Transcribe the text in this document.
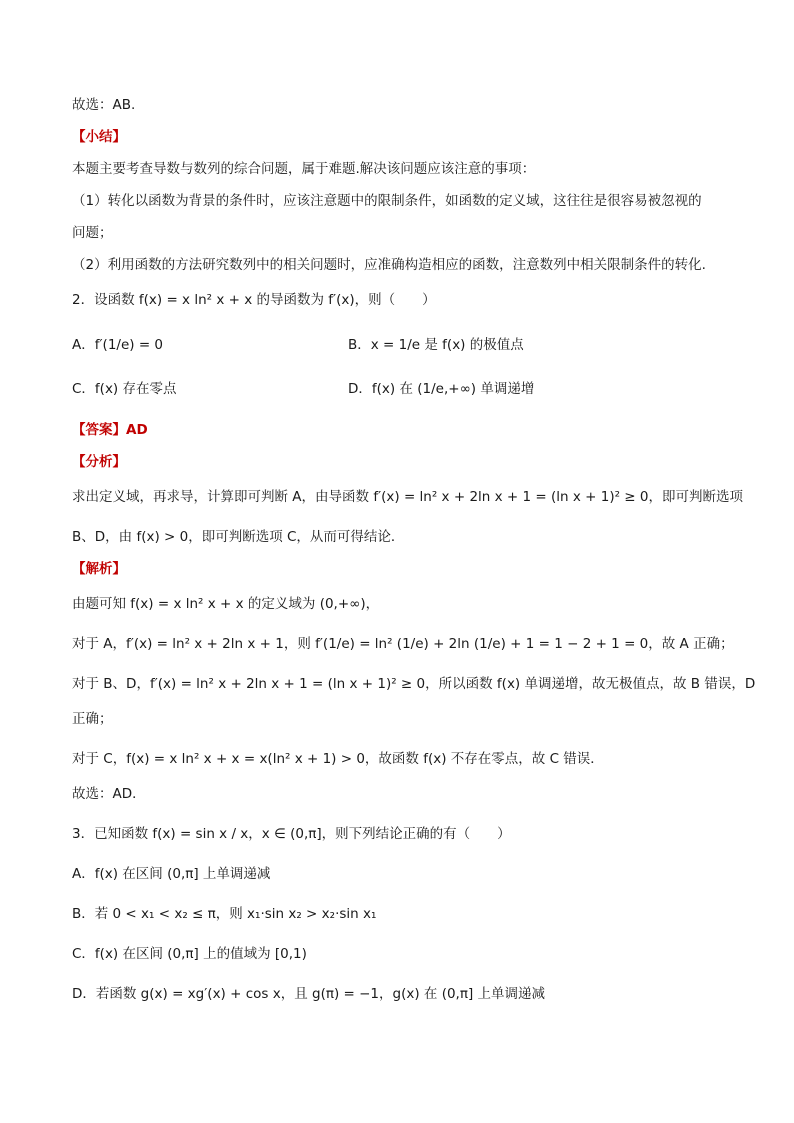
故选：AB.
【小结】
本题主要考查导数与数列的综合问题，属于难题.解决该问题应该注意的事项：
（1）转化以函数为背景的条件时，应该注意题中的限制条件，如函数的定义域，这往往是很容易被忽视的
问题；
（2）利用函数的方法研究数列中的相关问题时，应准确构造相应的函数，注意数列中相关限制条件的转化.
2．设函数 f(x) = x ln² x + x 的导函数为 f′(x)，则（　　）
A．f′(1/e) = 0	B．x = 1/e 是 f(x) 的极值点
C．f(x) 存在零点	D．f(x) 在 (1/e,+∞) 单调递增
【答案】AD
【分析】
求出定义域，再求导，计算即可判断 A，由导函数 f′(x) = ln² x + 2ln x + 1 = (ln x + 1)² ≥ 0，即可判断选项
B、D，由 f(x) > 0，即可判断选项 C，从而可得结论．
【解析】
由题可知 f(x) = x ln² x + x 的定义域为 (0,+∞)，
对于 A，f′(x) = ln² x + 2ln x + 1，则 f′(1/e) = ln² (1/e) + 2ln (1/e) + 1 = 1 − 2 + 1 = 0，故 A 正确；
对于 B、D，f′(x) = ln² x + 2ln x + 1 = (ln x + 1)² ≥ 0，所以函数 f(x) 单调递增，故无极值点，故 B 错误，D
正确；
对于 C，f(x) = x ln² x + x = x(ln² x + 1) > 0，故函数 f(x) 不存在零点，故 C 错误．
故选：AD．
3．已知函数 f(x) = sin x / x，x ∈ (0,π]，则下列结论正确的有（　　）
A．f(x) 在区间 (0,π] 上单调递减
B．若 0 < x₁ < x₂ ≤ π，则 x₁·sin x₂ > x₂·sin x₁
C．f(x) 在区间 (0,π] 上的值域为 [0,1)
D．若函数 g(x) = xg′(x) + cos x，且 g(π) = −1，g(x) 在 (0,π] 上单调递减
